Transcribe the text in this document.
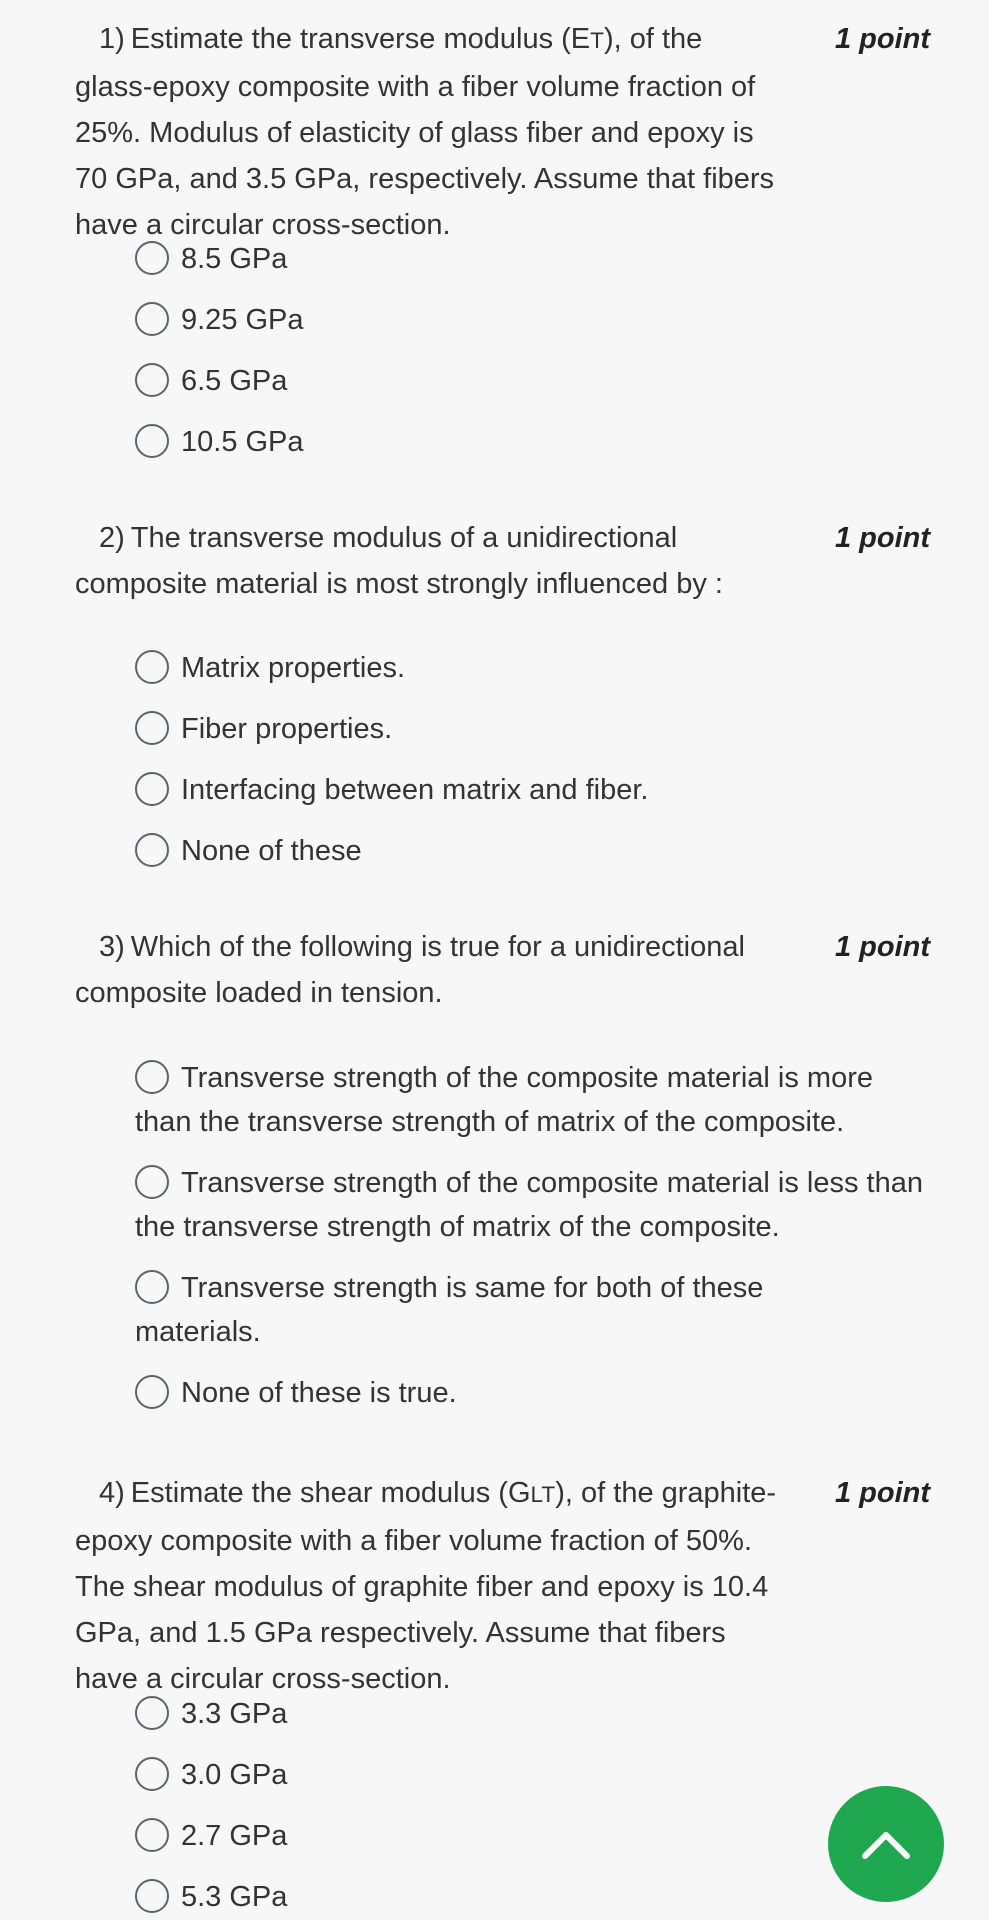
1) Estimate the transverse modulus (ET), of the glass-epoxy composite with a fiber volume fraction of 25%. Modulus of elasticity of glass fiber and epoxy is 70 GPa, and 3.5 GPa, respectively. Assume that fibers have a circular cross-section.

1 point
8.5 GPa
9.25 GPa
6.5 GPa
10.5 GPa

2) The transverse modulus of a unidirectional composite material is most strongly influenced by :

1 point
Matrix properties.
Fiber properties.
Interfacing between matrix and fiber.
None of these

3) Which of the following is true for a unidirectional composite loaded in tension.

1 point
Transverse strength of the composite material is more than the transverse strength of matrix of the composite.
Transverse strength of the composite material is less than the transverse strength of matrix of the composite.
Transverse strength is same for both of these materials.
None of these is true.

4) Estimate the shear modulus (GLT), of the graphite-epoxy composite with a fiber volume fraction of 50%. The shear modulus of graphite fiber and epoxy is 10.4 GPa, and 1.5 GPa respectively. Assume that fibers have a circular cross-section.

1 point
3.3 GPa
3.0 GPa
2.7 GPa
5.3 GPa
